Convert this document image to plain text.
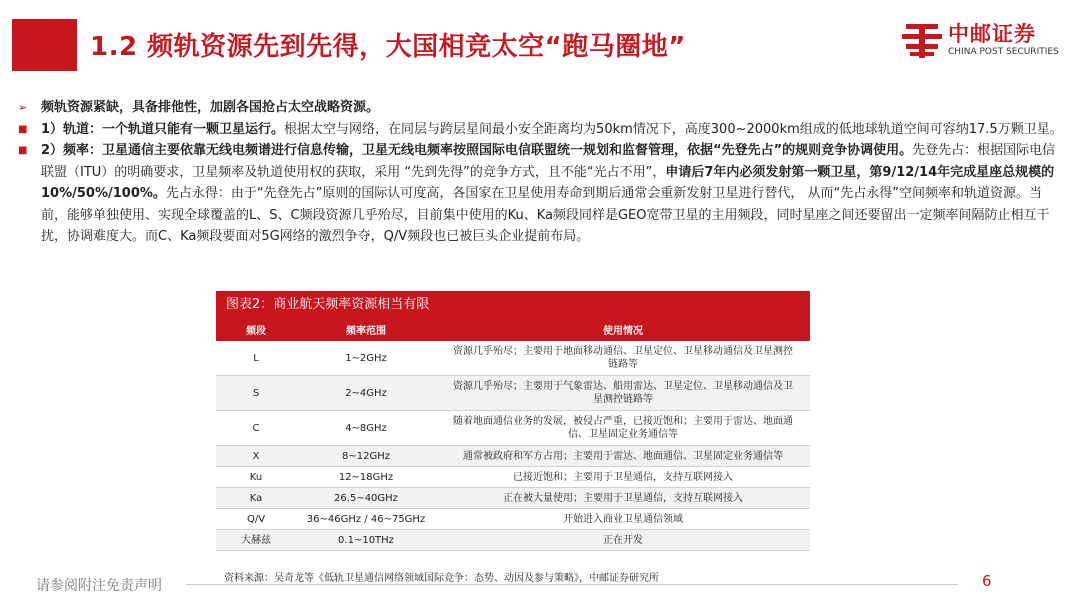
1.2 频轨资源先到先得，大国相竞太空“跑马圈地”	中邮证券
CHINA POST SECURITIES
➢ 频轨资源紧缺，具备排他性，加剧各国抢占太空战略资源。
■ 1）轨道：一个轨道只能有一颗卫星运行。根据太空与网络，在同层与跨层星间最小安全距离均为50km情况下，高度300~2000km组成的低地球轨道空间可容纳17.5万颗卫星。
■ 2）频率：卫星通信主要依靠无线电频谱进行信息传输，卫星无线电频率按照国际电信联盟统一规划和监督管理，依据“先登先占”的规则竞争协调使用。先登先占：根据国际电信联盟（ITU）的明确要求，卫星频率及轨道使用权的获取，采用 “先到先得”的竞争方式，且不能“光占不用”，申请后7年内必须发射第一颗卫星，第9/12/14年完成星座总规模的10%/50%/100%。先占永得：由于“先登先占”原则的国际认可度高，各国家在卫星使用寿命到期后通常会重新发射卫星进行替代， 从而“先占永得”空间频率和轨道资源。当前，能够单独使用、实现全球覆盖的L、S、C频段资源几乎殆尽，目前集中使用的Ku、Ka频段同样是GEO宽带卫星的主用频段，同时星座之间还要留出一定频率间隔防止相互干扰，协调难度大。而C、Ka频段要面对5G网络的激烈争夺，Q/V频段也已被巨头企业提前布局。
图表2：商业航天频率资源相当有限
频段	频率范围	使用情况
L	1~2GHz	资源几乎殆尽；主要用于地面移动通信、卫星定位、卫星移动通信及卫星测控链路等
S	2~4GHz	资源几乎殆尽；主要用于气象雷达、船用雷达、卫星定位、卫星移动通信及卫星测控链路等
C	4~8GHz	随着地面通信业务的发展，被侵占严重，已接近饱和；主要用于雷达、地面通信、卫星固定业务通信等
X	8~12GHz	通常被政府和军方占用；主要用于雷达、地面通信、卫星固定业务通信等
Ku	12~18GHz	已接近饱和；主要用于卫星通信，支持互联网接入
Ka	26.5~40GHz	正在被大量使用；主要用于卫星通信，支持互联网接入
Q/V	36~46GHz / 46~75GHz	开始进入商业卫星通信领域
大赫兹	0.1~10THz	正在开发
资料来源：吴奇龙等《低轨卫星通信网络领域国际竞争：态势、动因及参与策略》，中邮证券研究所
请参阅附注免责声明	6
